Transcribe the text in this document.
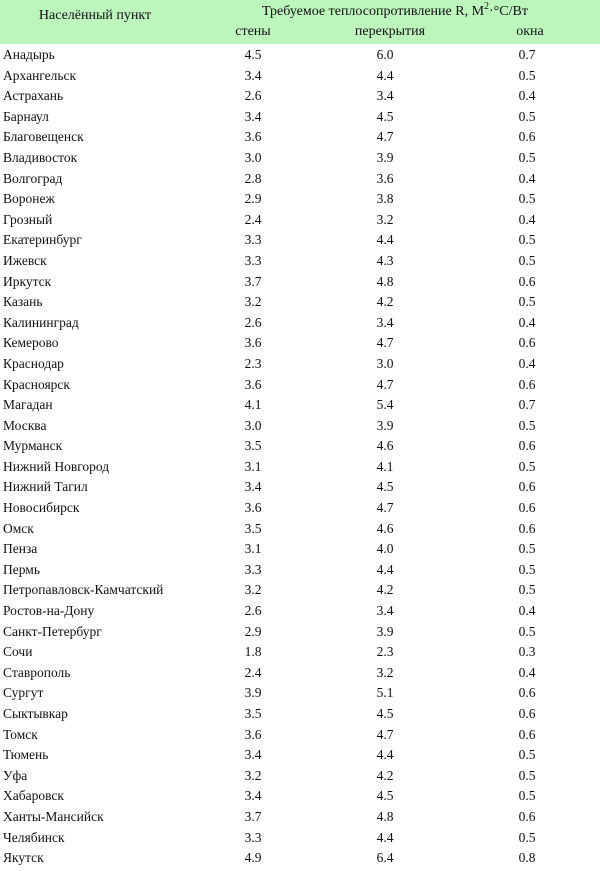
Населённый пункт	Требуемое теплосопротивление R, $М^2\cdot^\circ C/Вт$
стены	перекрытия	окна
Анадырь	4.5	6.0	0.7
Архангельск	3.4	4.4	0.5
Астрахань	2.6	3.4	0.4
Барнаул	3.4	4.5	0.5
Благовещенск	3.6	4.7	0.6
Владивосток	3.0	3.9	0.5
Волгоград	2.8	3.6	0.4
Воронеж	2.9	3.8	0.5
Грозный	2.4	3.2	0.4
Екатеринбург	3.3	4.4	0.5
Ижевск	3.3	4.3	0.5
Иркутск	3.7	4.8	0.6
Казань	3.2	4.2	0.5
Калининград	2.6	3.4	0.4
Кемерово	3.6	4.7	0.6
Краснодар	2.3	3.0	0.4
Красноярск	3.6	4.7	0.6
Магадан	4.1	5.4	0.7
Москва	3.0	3.9	0.5
Мурманск	3.5	4.6	0.6
Нижний Новгород	3.1	4.1	0.5
Нижний Тагил	3.4	4.5	0.6
Новосибирск	3.6	4.7	0.6
Омск	3.5	4.6	0.6
Пенза	3.1	4.0	0.5
Пермь	3.3	4.4	0.5
Петропавловск-Камчатский	3.2	4.2	0.5
Ростов-на-Дону	2.6	3.4	0.4
Санкт-Петербург	2.9	3.9	0.5
Сочи	1.8	2.3	0.3
Ставрополь	2.4	3.2	0.4
Сургут	3.9	5.1	0.6
Сыктывкар	3.5	4.5	0.6
Томск	3.6	4.7	0.6
Тюмень	3.4	4.4	0.5
Уфа	3.2	4.2	0.5
Хабаровск	3.4	4.5	0.5
Ханты-Мансийск	3.7	4.8	0.6
Челябинск	3.3	4.4	0.5
Якутск	4.9	6.4	0.8
